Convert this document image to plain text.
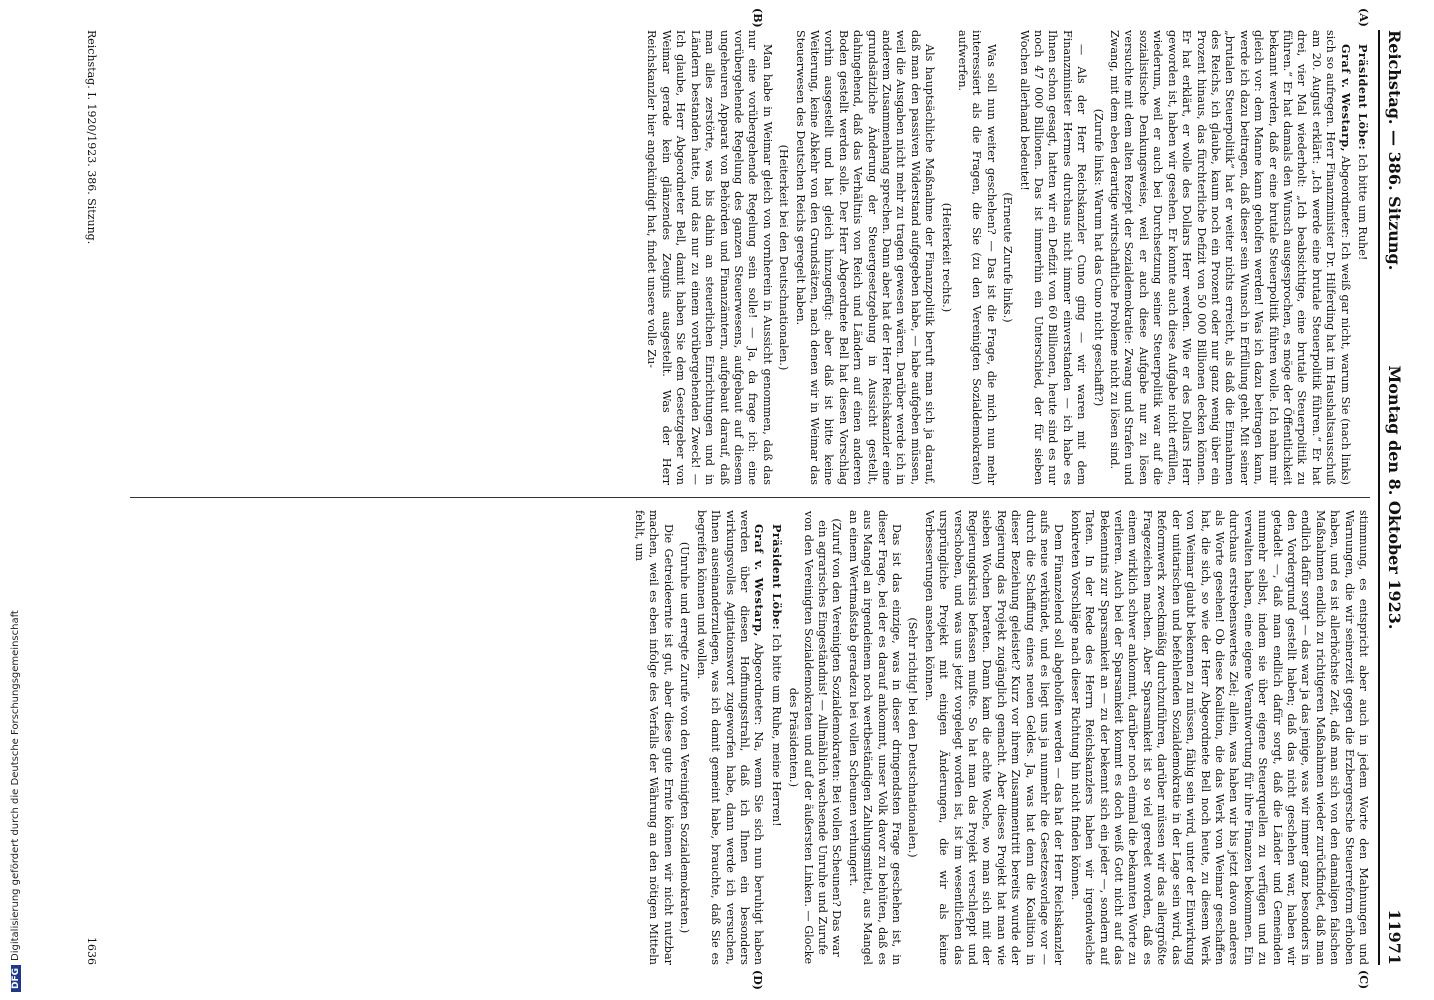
DFGDigitalisierung gefördert durch die Deutsche Forschungsgemeinschaft
Reichstag. — 386. Sitzung.
Montag den 8. Oktober 1923.
11971
(A)
(B)
(C)
(D)

Präsident Löbe: Ich bitte um Ruhe!

Graf v. Westarp, Abgeordneter: Ich weiß gar nicht, warum Sie (nach links) sich so aufregen. Herr Finanzminister Dr. Hilferding hat im Haushaltsausschuß am 20. August erklärt: „Ich werde eine brutale Steuerpolitik führen.“ Er hat drei, vier Mal wiederholt: „Ich beabsichtige, eine brutale Steuerpolitik zu führen.“ Er hat damals den Wunsch ausgesprochen, es möge der Öffentlichkeit bekannt werden, daß er eine brutale Steuerpolitik führen wolle. Ich nahm mir gleich vor: dem Manne kann geholfen werden! Was ich dazu beitragen kann, werde ich dazu beitragen, daß dieser sein Wunsch in Erfüllung geht. Mit seiner „brutalen Steuerpolitik“ hat er weiter nichts erreicht, als daß die Einnahmen des Reichs, ich glaube, kaum noch ein Prozent oder nur ganz wenig über ein Prozent hinaus, das fürchterliche Defizit von 50 000 Billionen decken können. Er hat erklärt, er wolle des Dollars Herr werden. Wie er des Dollars Herr geworden ist, haben wir gesehen. Er konnte auch diese Aufgabe nicht erfüllen, wiederum, weil er auch bei Durchsetzung seiner Steuerpolitik war auf die sozialistische Denkungsweise, weil er auch diese Aufgabe nur zu lösen versuchte mit dem alten Rezept der Sozialdemokratie: Zwang und Strafen und Zwang, mit dem eben derartige wirtschaftliche Probleme nicht zu lösen sind.

(Zurufe links: Warum hat das Cuno nicht geschafft?)

— Als der Herr Reichskanzler Cuno ging — wir waren mit dem Finanzminister Hermes durchaus nicht immer einverstanden — ich habe es Ihnen schon gesagt, hatten wir ein Defizit von 60 Billionen, heute sind es nur noch 47 000 Billionen. Das ist immerhin ein Unterschied, der für sieben Wochen allerhand bedeutet!

(Erneute Zurufe links.)

Was soll nun weiter geschehen? — Das ist die Frage, die mich nun mehr interessiert als die Fragen, die Sie (zu den Vereinigten Sozialdemokraten) aufwerfen.

(Heiterkeit rechts.)

Als hauptsächliche Maßnahme der Finanzpolitik beruft man sich ja darauf, daß man den passiven Widerstand aufgegeben habe, — habe aufgeben müssen, weil die Ausgaben nicht mehr zu tragen gewesen wären. Darüber werde ich in anderem Zusammenhang sprechen. Dann aber hat der Herr Reichskanzler eine grundsätzliche Änderung der Steuergesetzgebung in Aussicht gestellt, dahingehend, daß das Verhältnis von Reich und Ländern auf einen anderen Boden gestellt werden solle. Der Herr Abgeordnete Bell hat diesen Vorschlag vorhin ausgestellt und hat gleich hinzugefügt: aber daß ist bitte keine Weiterung, keine Abkehr von den Grundsätzen, nach denen wir in Weimar das Steuerwesen des Deutschen Reichs geregelt haben.

(Heiterkeit bei den Deutschnationalen.)

Man habe in Weimar gleich von vornherein in Aussicht genommen, daß das nur eine vorübergehende Regelung sein solle! — Ja, da frage ich: eine vorübergehende Regelung des ganzen Steuerwesens, aufgebaut auf diesem ungeheuren Apparat von Behörden und Finanzämtern, aufgebaut darauf, daß man alles zerstörte, was bis dahin an steuerlichen Einrichtungen und in Ländern bestanden hatte, und das nur zu einem vorübergehenden Zweck! — Ich glaube, Herr Abgeordneter Bell, damit haben Sie dem Gesetzgeber von Weimar gerade kein glänzendes Zeugnis ausgestellt. Was der Herr Reichskanzler hier angekündigt hat, findet unsere volle Zu-

stimmung, es entspricht aber auch in jedem Worte den Mahnungen und Warnungen, die wir seinerzeit gegen die Erzbergersche Steuerreform erhoben haben, und es ist allerhöchste Zeit, daß man sich von den damaligen falschen Maßnahmen endlich zu richtigeren Maßnahmen wieder zurückfindet, daß man endlich dafür sorgt — das war ja das jenige, was wir immer ganz besonders in den Vordergrund gestellt haben; daß das nicht geschehen war, haben wir getadelt —, daß man endlich dafür sorgt, daß die Länder und Gemeinden nunmehr selbst, indem sie über eigene Steuerquellen zu verfügen und zu verwalten haben, eine eigene Verantwortung für ihre Finanzen bekommen. Ein durchaus erstrebenswertes Ziel; allein, was haben wir bis jetzt davon anderes als Worte gesehen! Ob diese Koalition, die das Werk von Weimar geschaffen hat, die sich, so wie der Herr Abgeordnete Bell noch heute, zu diesem Werk von Weimar glaubt bekennen zu müssen, fähig sein wird, unter der Einwirkung der unitarischen und befehlenden Sozialdemokratie in der Lage sein wird, das Reformwerk zweckmäßig durchzuführen, darüber müssen wir das allergrößte Fragezeichen machen. Aber Sparsamkeit ist so viel geredet worden, daß es einem wirklich schwer ankommt, darüber noch einmal die bekannten Worte zu verlieren. Auch bei der Sparsamkeit kommt es doch weiß Gott nicht auf das Bekenntnis zur Sparsamkeit an — zu der bekennt sich ein jeder —, sondern auf Taten. In der Rede des Herrn Reichskanzlers haben wir irgendwelche konkreten Vorschläge nach dieser Richtung hin nicht finden können.

Dem Finanzelend soll abgeholfen werden — das hat der Herr Reichskanzler aufs neue verkündet, und es liegt uns ja nunmehr die Gesetzesvorlage vor — durch die Schaffung eines neuen Geldes. Ja, was hat denn die Koalition in dieser Beziehung geleistet? Kurz vor ihrem Zusammentritt bereits wurde der Regierung das Projekt zugänglich gemacht. Aber dieses Projekt hat man wie sieben Wochen beraten. Dann kam die achte Woche, wo man sich mit der Regierungskrisis befassen mußte. So hat man das Projekt verschleppt und verschoben, und was uns jetzt vorgelegt worden ist, ist im wesentlichen das ursprüngliche Projekt mit einigen Änderungen, die wir als keine Verbesserungen ansehen können.

(Sehr richtig! bei den Deutschnationalen.)

Das ist das einzige, was in dieser dringendsten Frage geschehen ist, in dieser Frage, bei der es darauf ankommt, unser Volk davor zu behüten, daß es aus Mangel an irgendeinem noch wertbeständigen Zahlungsmittel, aus Mangel an einem Wertmaßstab geradezu bei vollen Scheunen verhungert.

(Zuruf von den Vereinigten Sozialdemokraten: Bei vollen Scheunen? Das war ein agrarisches Eingeständnis! — Allmählich wachsende Unruhe und Zurufe von den Vereinigten Sozialdemokraten und auf der äußersten Linken. — Glocke des Präsidenten.)

Präsident Löbe: Ich bitte um Ruhe, meine Herren!

Graf v. Westarp, Abgeordneter: Na, wenn Sie sich nun beruhigt haben werden über diesen Hoffnungsstrahl, daß ich Ihnen ein besonders wirkungsvolles Agitationswort zugeworfen habe, dann werde ich versuchen, Ihnen auseinanderzulegen, was ich damit gemeint habe, brauchte, daß Sie es begreifen können und wollen.

(Unruhe und erregte Zurufe von den Vereinigten Sozialdemokraten.)

Die Getreideernte ist gut, aber diese gute Ernte können wir nicht nutzbar machen, weil es eben infolge des Verfalls der Währung an den nötigen Mitteln fehlt, um

Reichstag. I. 1920/1923. 386. Sitzung.
1636
